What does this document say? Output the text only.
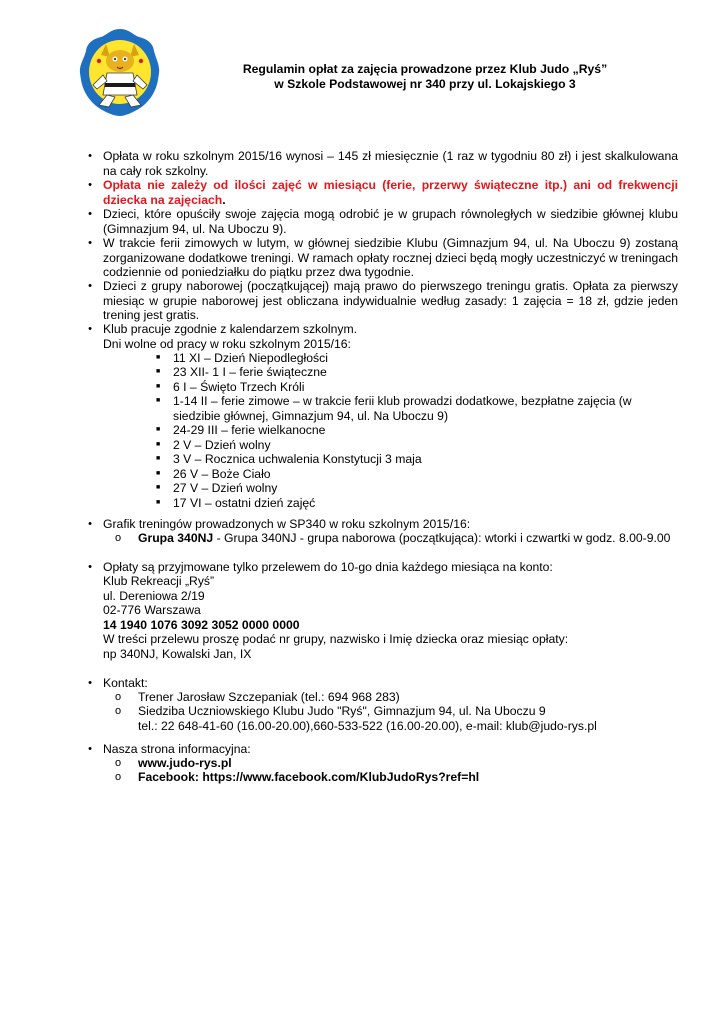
Regulamin opłat za zajęcia prowadzone przez Klub Judo „Ryś”
w Szkole Podstawowej nr 340 przy ul. Lokajskiego 3
• Opłata w roku szkolnym 2015/16 wynosi – 145 zł miesięcznie (1 raz w tygodniu 80 zł) i jest skalkulowana na cały rok szkolny.
• Opłata nie zależy od ilości zajęć w miesiącu (ferie, przerwy świąteczne itp.) ani od frekwencji dziecka na zajęciach.
• Dzieci, które opuściły swoje zajęcia mogą odrobić je w grupach równoległych w siedzibie głównej klubu (Gimnazjum 94, ul. Na Uboczu 9).
• W trakcie ferii zimowych w lutym, w głównej siedzibie Klubu (Gimnazjum 94, ul. Na Uboczu 9) zostaną zorganizowane dodatkowe treningi. W ramach opłaty rocznej dzieci będą mogły uczestniczyć w treningach codziennie od poniedziałku do piątku przez dwa tygodnie.
• Dzieci z grupy naborowej (początkującej) mają prawo do pierwszego treningu gratis. Opłata za pierwszy miesiąc w grupie naborowej jest obliczana indywidualnie według zasady: 1 zajęcia = 18 zł, gdzie jeden trening jest gratis.
• Klub pracuje zgodnie z kalendarzem szkolnym.
Dni wolne od pracy w roku szkolnym 2015/16:
■ 11 XI – Dzień Niepodległości
■ 23 XII- 1 I – ferie świąteczne
■ 6 I – Święto Trzech Króli
■ 1-14 II – ferie zimowe – w trakcie ferii klub prowadzi dodatkowe, bezpłatne zajęcia (w siedzibie głównej, Gimnazjum 94, ul. Na Uboczu 9)
■ 24-29 III – ferie wielkanocne
■ 2 V – Dzień wolny
■ 3 V – Rocznica uchwalenia Konstytucji 3 maja
■ 26 V – Boże Ciało
■ 27 V – Dzień wolny
■ 17 VI – ostatni dzień zajęć
• Grafik treningów prowadzonych w SP340 w roku szkolnym 2015/16:
o Grupa 340NJ - Grupa 340NJ - grupa naborowa (początkująca): wtorki i czwartki w godz. 8.00-9.00
• Opłaty są przyjmowane tylko przelewem do 10-go dnia każdego miesiąca na konto:
Klub Rekreacji „Ryś”
ul. Dereniowa 2/19
02-776 Warszawa
14 1940 1076 3092 3052 0000 0000
W treści przelewu proszę podać nr grupy, nazwisko i Imię dziecka oraz miesiąc opłaty:
np 340NJ, Kowalski Jan, IX
• Kontakt:
o Trener Jarosław Szczepaniak (tel.: 694 968 283)
o Siedziba Uczniowskiego Klubu Judo "Ryś", Gimnazjum 94, ul. Na Uboczu 9
tel.: 22 648-41-60 (16.00-20.00),660-533-522 (16.00-20.00), e-mail: klub@judo-rys.pl
• Nasza strona informacyjna:
o www.judo-rys.pl
o Facebook: https://www.facebook.com/KlubJudoRys?ref=hl
